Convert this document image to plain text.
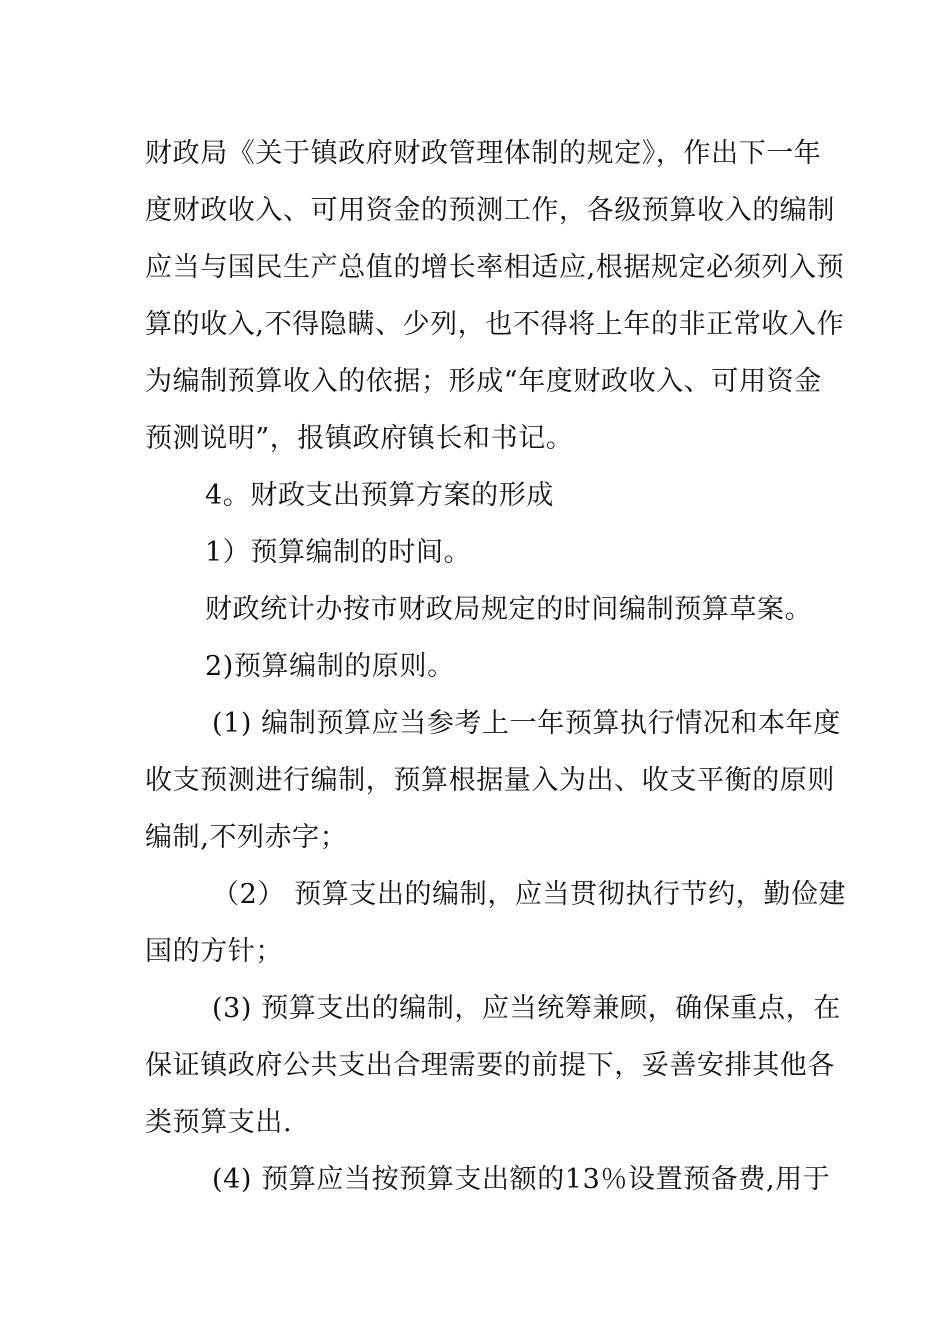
财政局《关于镇政府财政管理体制的规定》，作出下一年
度财政收入、可用资金的预测工作，各级预算收入的编制
应当与国民生产总值的增长率相适应,根据规定必须列入预
算的收入,不得隐瞒、少列，也不得将上年的非正常收入作
为编制预算收入的依据；形成“年度财政收入、可用资金
预测说明”，报镇政府镇长和书记。
4。财政支出预算方案的形成
1）预算编制的时间。
财政统计办按市财政局规定的时间编制预算草案。
2)预算编制的原则。
(1) 编制预算应当参考上一年预算执行情况和本年度
收支预测进行编制，预算根据量入为出、收支平衡的原则
编制,不列赤字；
（2） 预算支出的编制，应当贯彻执行节约，勤俭建
国的方针；
(3) 预算支出的编制，应当统筹兼顾，确保重点，在
保证镇政府公共支出合理需要的前提下，妥善安排其他各
类预算支出.
(4) 预算应当按预算支出额的13％设置预备费,用于
